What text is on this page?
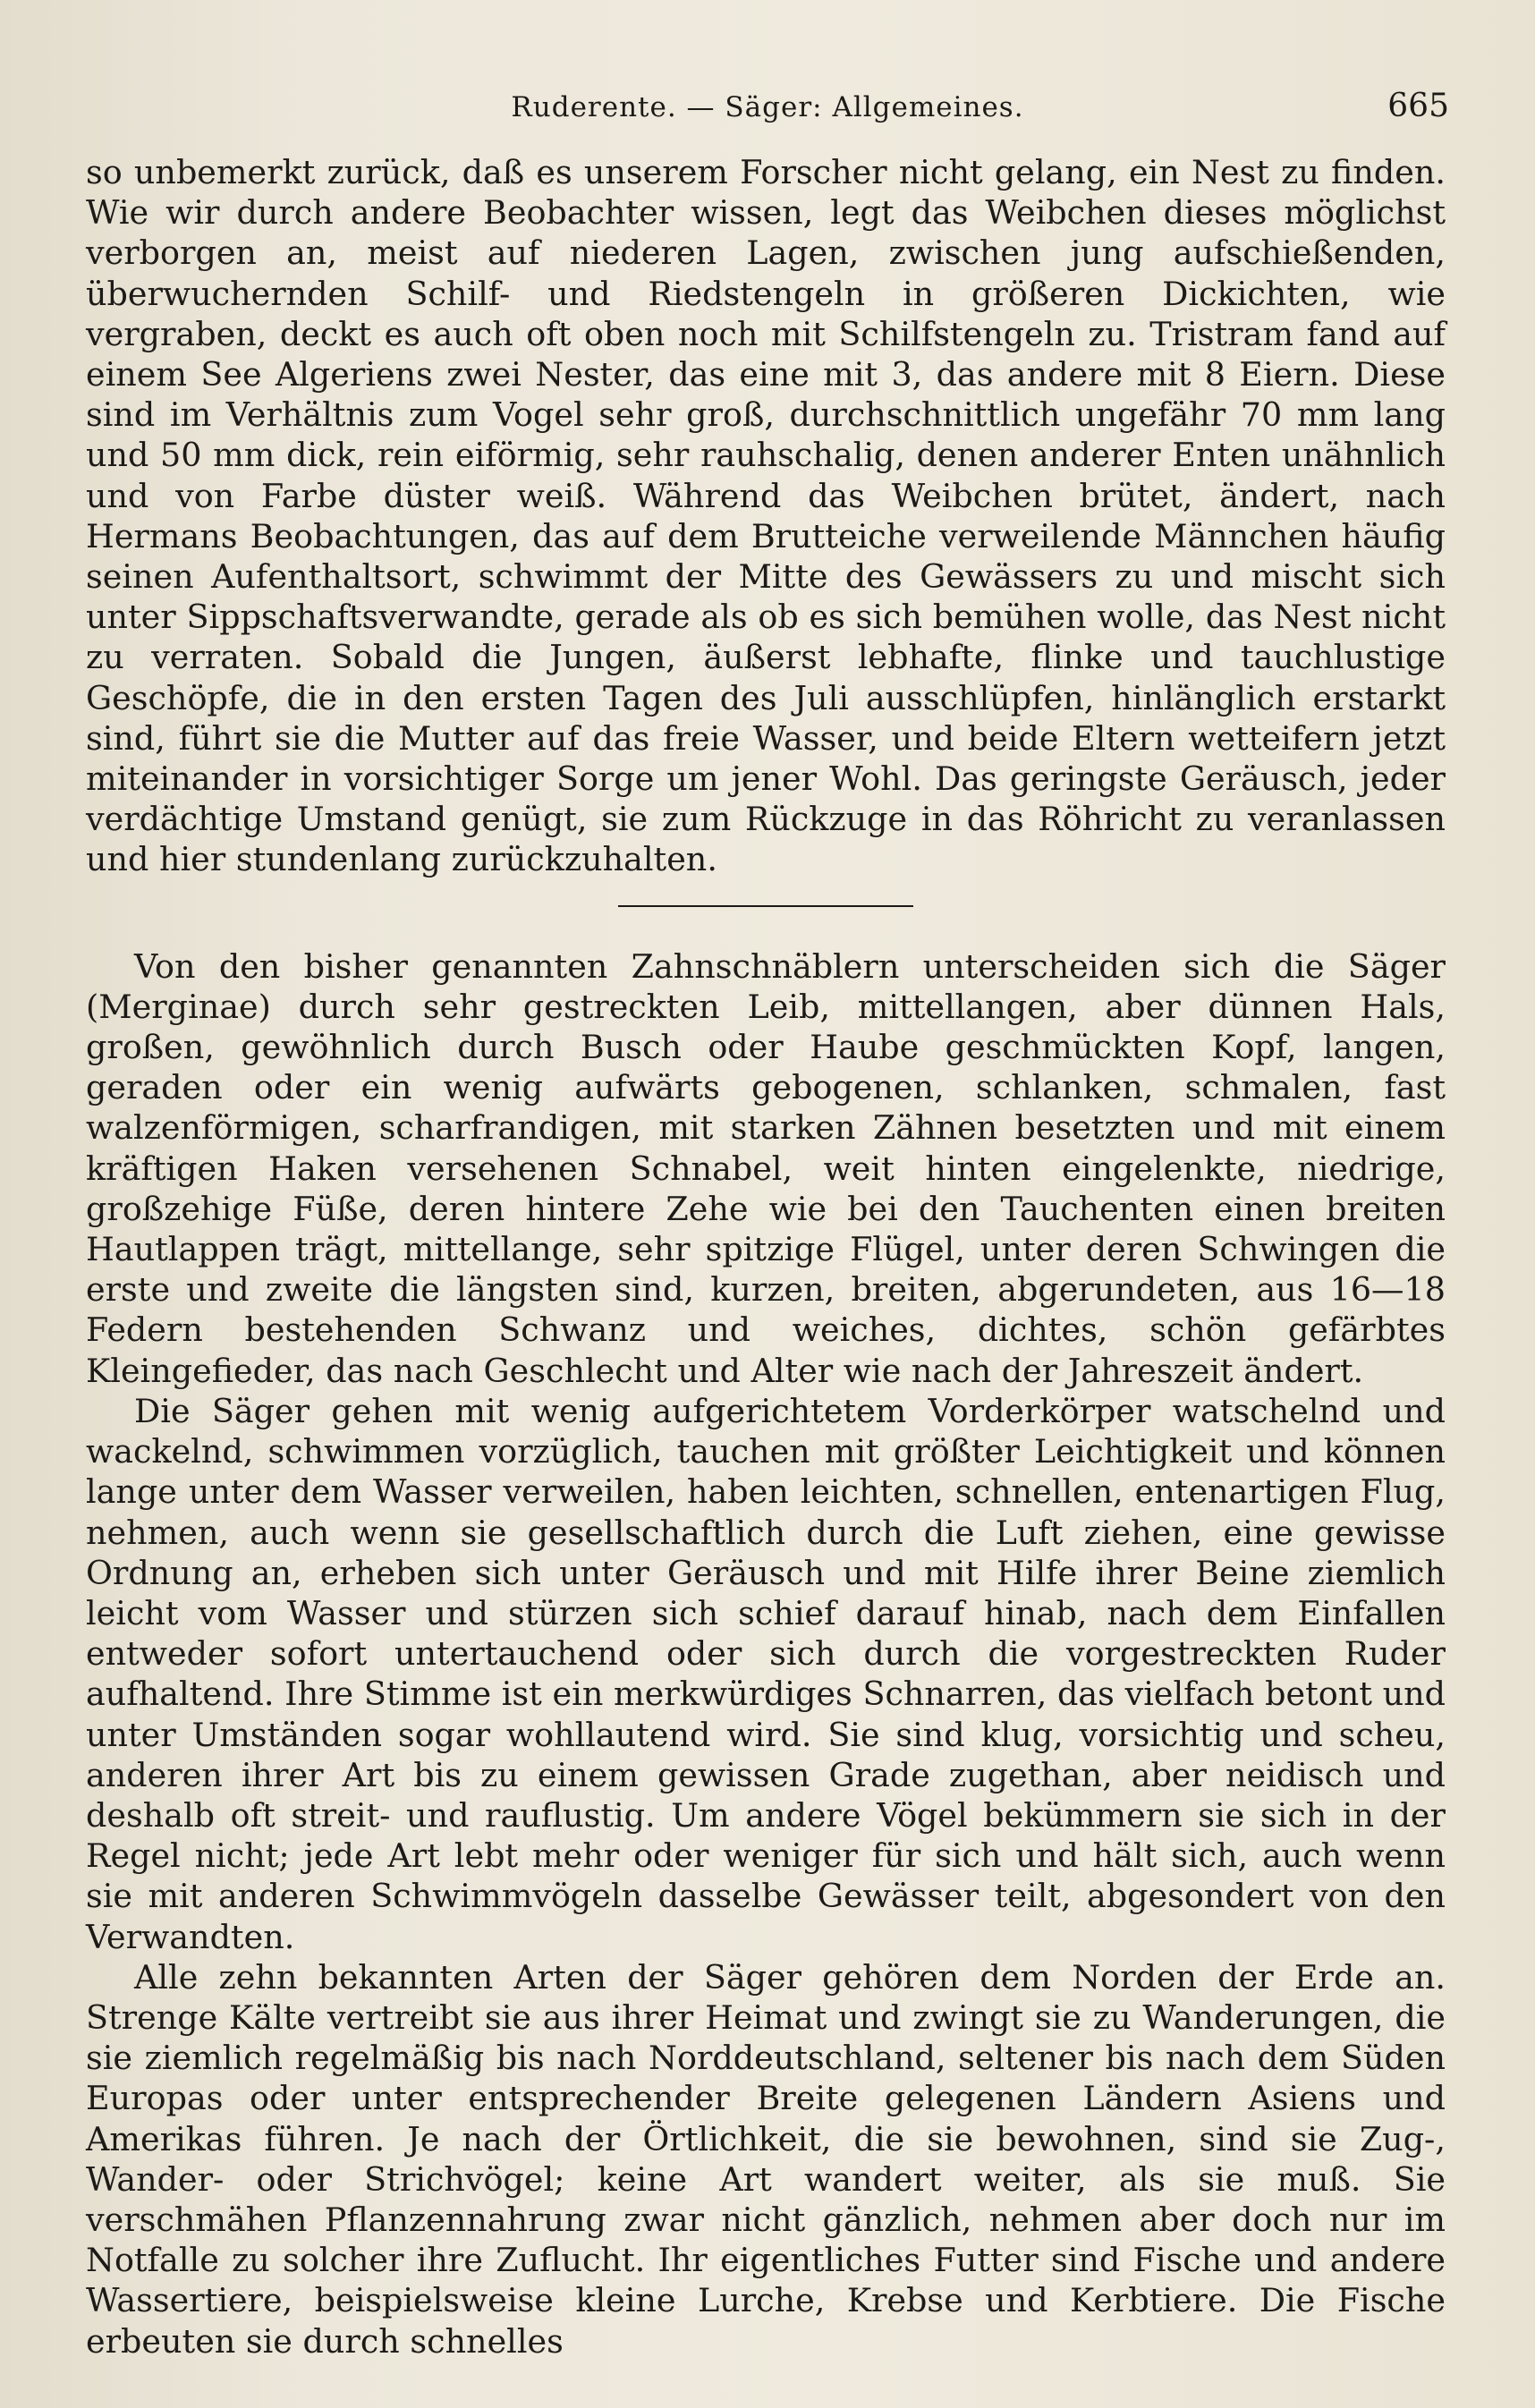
Ruderente. — Säger: Allgemeines.	665

so unbemerkt zurück, daß es unserem Forscher nicht gelang, ein Nest zu finden. Wie wir durch andere Beobachter wissen, legt das Weibchen dieses möglichst verborgen an, meist auf niederen Lagen, zwischen jung aufschießenden, überwuchernden Schilf- und Riedstengeln in größeren Dickichten, wie vergraben, deckt es auch oft oben noch mit Schilfstengeln zu. Tristram fand auf einem See Algeriens zwei Nester, das eine mit 3, das andere mit 8 Eiern. Diese sind im Verhältnis zum Vogel sehr groß, durchschnittlich ungefähr 70 mm lang und 50 mm dick, rein eiförmig, sehr rauhschalig, denen anderer Enten unähnlich und von Farbe düster weiß. Während das Weibchen brütet, ändert, nach Hermans Beobachtungen, das auf dem Brutteiche verweilende Männchen häufig seinen Aufenthaltsort, schwimmt der Mitte des Gewässers zu und mischt sich unter Sippschaftsverwandte, gerade als ob es sich bemühen wolle, das Nest nicht zu verraten. Sobald die Jungen, äußerst lebhafte, flinke und tauchlustige Geschöpfe, die in den ersten Tagen des Juli ausschlüpfen, hinlänglich erstarkt sind, führt sie die Mutter auf das freie Wasser, und beide Eltern wetteifern jetzt miteinander in vorsichtiger Sorge um jener Wohl. Das geringste Geräusch, jeder verdächtige Umstand genügt, sie zum Rückzuge in das Röhricht zu veranlassen und hier stundenlang zurückzuhalten.

Von den bisher genannten Zahnschnäblern unterscheiden sich die Säger (Merginae) durch sehr gestreckten Leib, mittellangen, aber dünnen Hals, großen, gewöhnlich durch Busch oder Haube geschmückten Kopf, langen, geraden oder ein wenig aufwärts gebogenen, schlanken, schmalen, fast walzenförmigen, scharfrandigen, mit starken Zähnen besetzten und mit einem kräftigen Haken versehenen Schnabel, weit hinten eingelenkte, niedrige, großzehige Füße, deren hintere Zehe wie bei den Tauchenten einen breiten Hautlappen trägt, mittellange, sehr spitzige Flügel, unter deren Schwingen die erste und zweite die längsten sind, kurzen, breiten, abgerundeten, aus 16—18 Federn bestehenden Schwanz und weiches, dichtes, schön gefärbtes Kleingefieder, das nach Geschlecht und Alter wie nach der Jahreszeit ändert.

Die Säger gehen mit wenig aufgerichtetem Vorderkörper watschelnd und wackelnd, schwimmen vorzüglich, tauchen mit größter Leichtigkeit und können lange unter dem Wasser verweilen, haben leichten, schnellen, entenartigen Flug, nehmen, auch wenn sie gesellschaftlich durch die Luft ziehen, eine gewisse Ordnung an, erheben sich unter Geräusch und mit Hilfe ihrer Beine ziemlich leicht vom Wasser und stürzen sich schief darauf hinab, nach dem Einfallen entweder sofort untertauchend oder sich durch die vorgestreckten Ruder aufhaltend. Ihre Stimme ist ein merkwürdiges Schnarren, das vielfach betont und unter Umständen sogar wohllautend wird. Sie sind klug, vorsichtig und scheu, anderen ihrer Art bis zu einem gewissen Grade zugethan, aber neidisch und deshalb oft streit- und rauflustig. Um andere Vögel bekümmern sie sich in der Regel nicht; jede Art lebt mehr oder weniger für sich und hält sich, auch wenn sie mit anderen Schwimmvögeln dasselbe Gewässer teilt, abgesondert von den Verwandten.

Alle zehn bekannten Arten der Säger gehören dem Norden der Erde an. Strenge Kälte vertreibt sie aus ihrer Heimat und zwingt sie zu Wanderungen, die sie ziemlich regelmäßig bis nach Norddeutschland, seltener bis nach dem Süden Europas oder unter entsprechender Breite gelegenen Ländern Asiens und Amerikas führen. Je nach der Örtlichkeit, die sie bewohnen, sind sie Zug-, Wander- oder Strichvögel; keine Art wandert weiter, als sie muß. Sie verschmähen Pflanzennahrung zwar nicht gänzlich, nehmen aber doch nur im Notfalle zu solcher ihre Zuflucht. Ihr eigentliches Futter sind Fische und andere Wassertiere, beispielsweise kleine Lurche, Krebse und Kerbtiere. Die Fische erbeuten sie durch schnelles
